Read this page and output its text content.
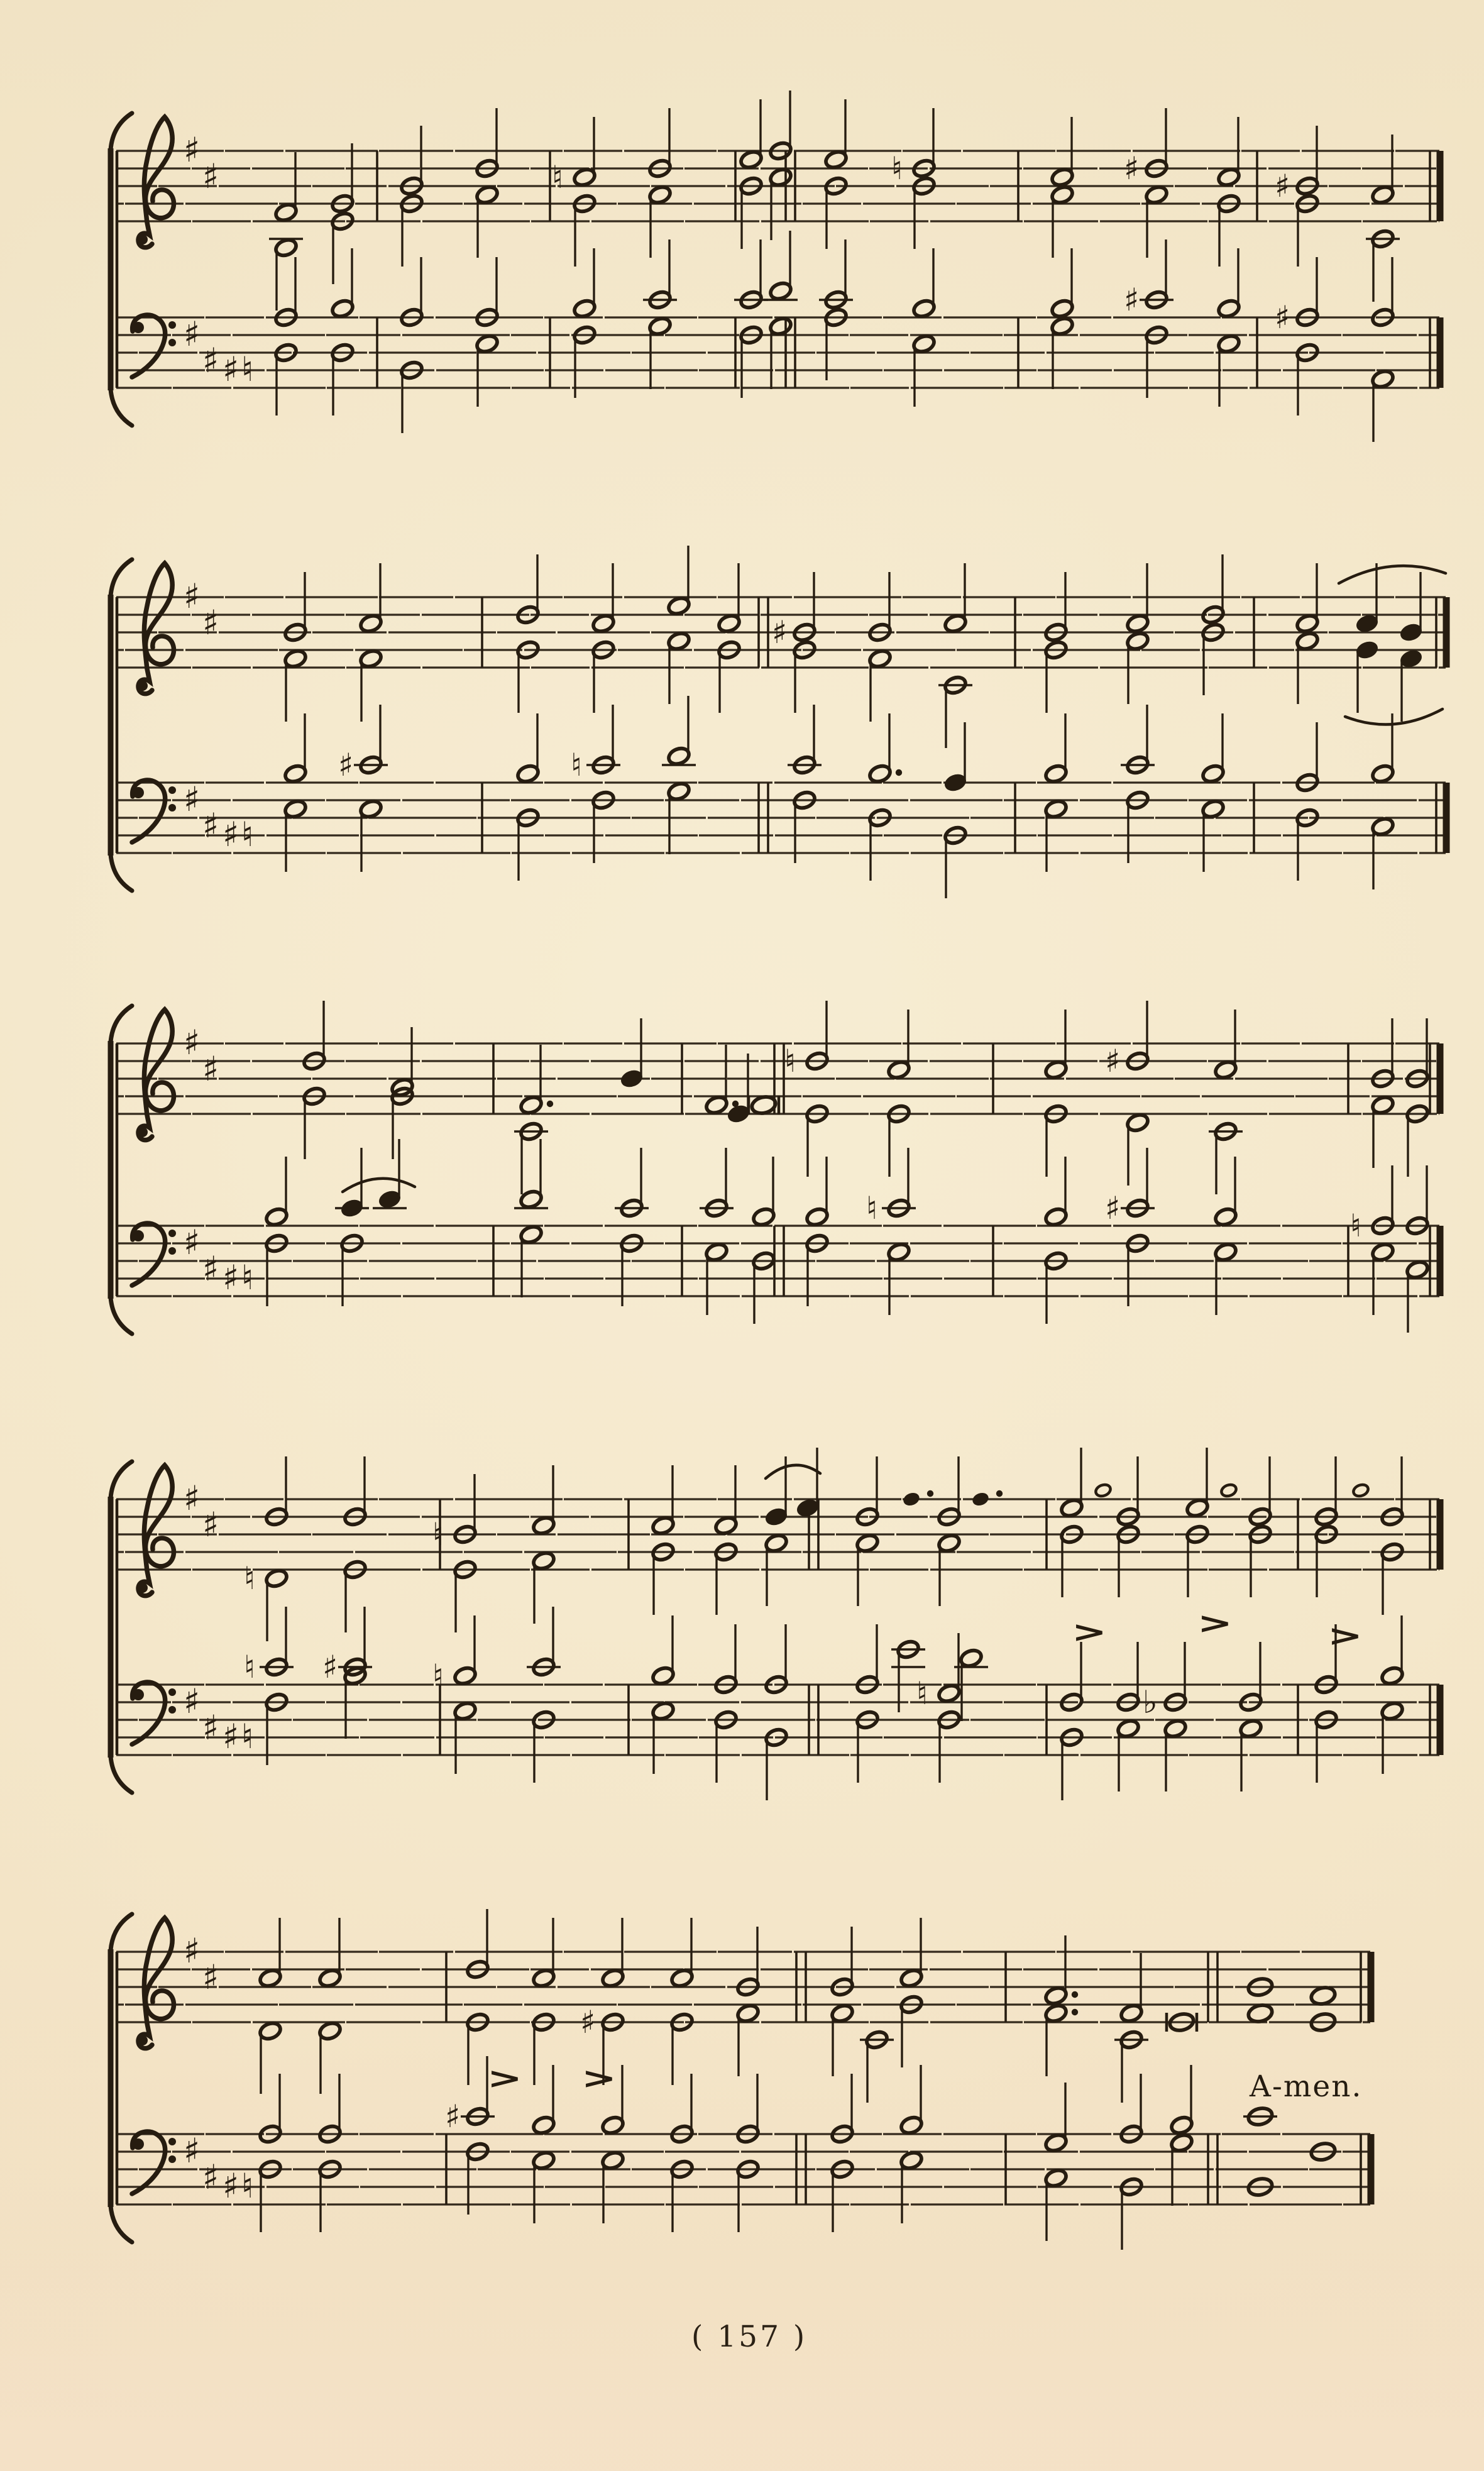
♯
♯
♯
♯ ♯ ♮
♮	♮	♯	♯
♯	♯
♯
♯
♯
♯ ♯ ♮
♯
♯	♮
♯
♯
♯
♯ ♯ ♮
♮	♯
♮	♯	♮
♯
♯
♯
♯ ♯ ♮
♮
♮
♮ ♯	♮	♮	♭
>	>	>
♯
♯
♯
♯ ♯ ♮
♯
♯
> >	A-men.
( 157 )
